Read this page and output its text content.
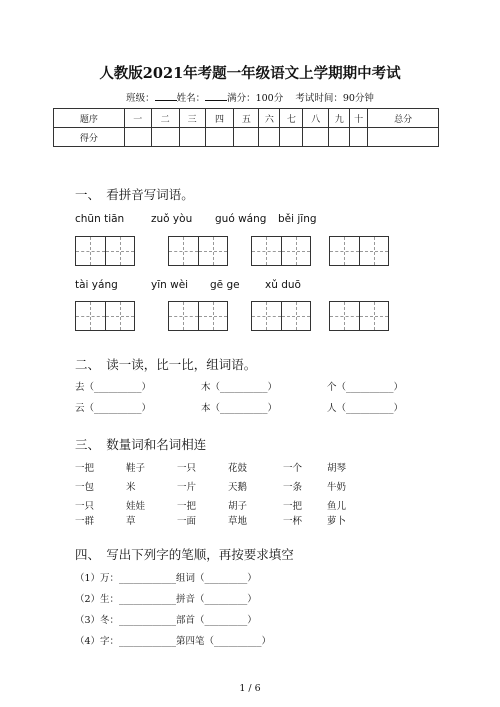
人教版2021年考题一年级语文上学期期中考试
班级： 姓名： 满分：100分 考试时间：90分钟
题序	一	二	三	四	五	六	七	八	九	十	总分
得分											
一、　看拼音写词语。
chūn tiān	zuǒ yòu guó wáng běi jīng
tài yáng	yīn wèi gē ge xǔ duō
二、　读一读，比一比，组词语。
去（__________）	木（__________）	个（__________）
云（__________）	本（__________）	人（__________）
三、　数量词和名词相连
一把	鞋子	一只	花鼓	一个	胡琴
一包	米	一片	天鹅	一条	牛奶
一只	娃娃	一把	胡子	一把	鱼儿
一群	草	一面	草地	一杯	萝卜
四、　写出下列字的笔顺，再按要求填空
（1）万：____________组词（_________）
（2）生：____________拼音（_________）
（3）冬：____________部首（_________）
（4）字：____________第四笔（__________）
1 / 6
